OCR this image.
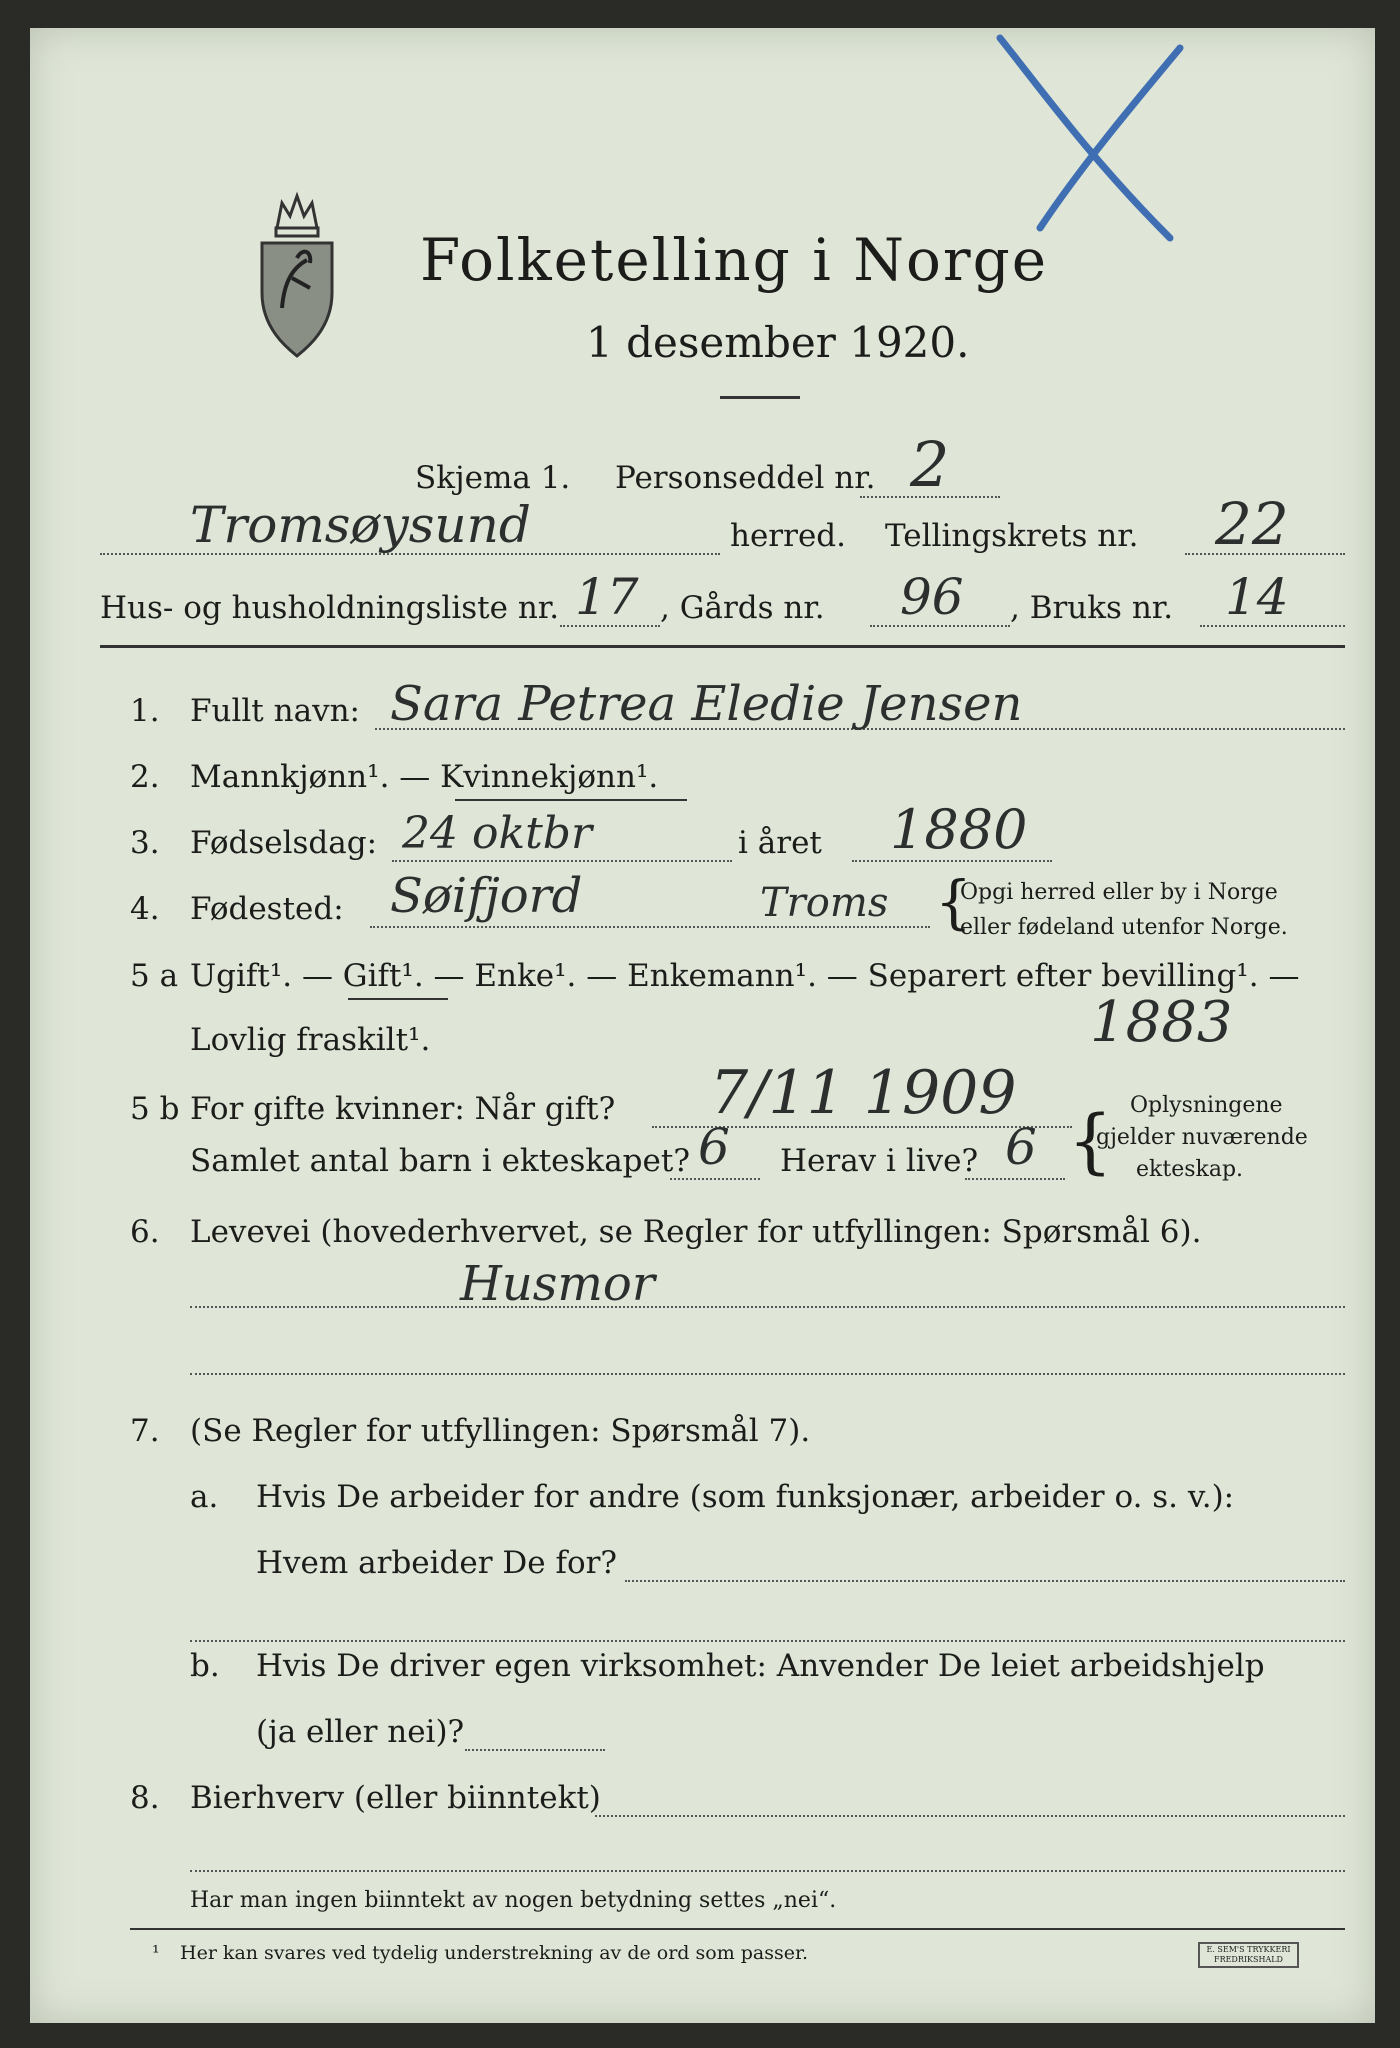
Folketelling i Norge
1 desember 1920.
Skjema 1. Personseddel nr. 2
Tromsøysund	herred. Tellingskrets nr. 22
Hus- og husholdningsliste nr. 17 , Gårds nr. 96 , Bruks nr. 14
1. Fullt navn: Sara Petrea Eledie Jensen
2. Mannkjønn¹. — Kvinnekjønn¹.
3. Fødselsdag: 24 oktbr	i året 1880
4. Fødested: Søifjord	Troms {
Opgi herred eller by i Norge
eller fødeland utenfor Norge.
5 a Ugift¹. — Gift¹. — Enke¹. — Enkemann¹. — Separert efter bevilling¹. —
Lovlig fraskilt¹.	1883
5 b For gifte kvinner: Når gift? 7/11 1909
Samlet antal barn i ekteskapet? 6 Herav i live? 6 { Oplysningene
gjelder nuværende
ekteskap.
6. Levevei (hovederhvervet, se Regler for utfyllingen: Spørsmål 6).
Husmor
7. (Se Regler for utfyllingen: Spørsmål 7).
a. Hvis De arbeider for andre (som funksjonær, arbeider o. s. v.):
Hvem arbeider De for?
b. Hvis De driver egen virksomhet: Anvender De leiet arbeidshjelp
(ja eller nei)?
8. Bierhverv (eller biinntekt)
Har man ingen biinntekt av nogen betydning settes „nei“.
¹ Her kan svares ved tydelig understrekning av de ord som passer.	E. SEM'S TRYKKERI
FREDRIKSHALD
